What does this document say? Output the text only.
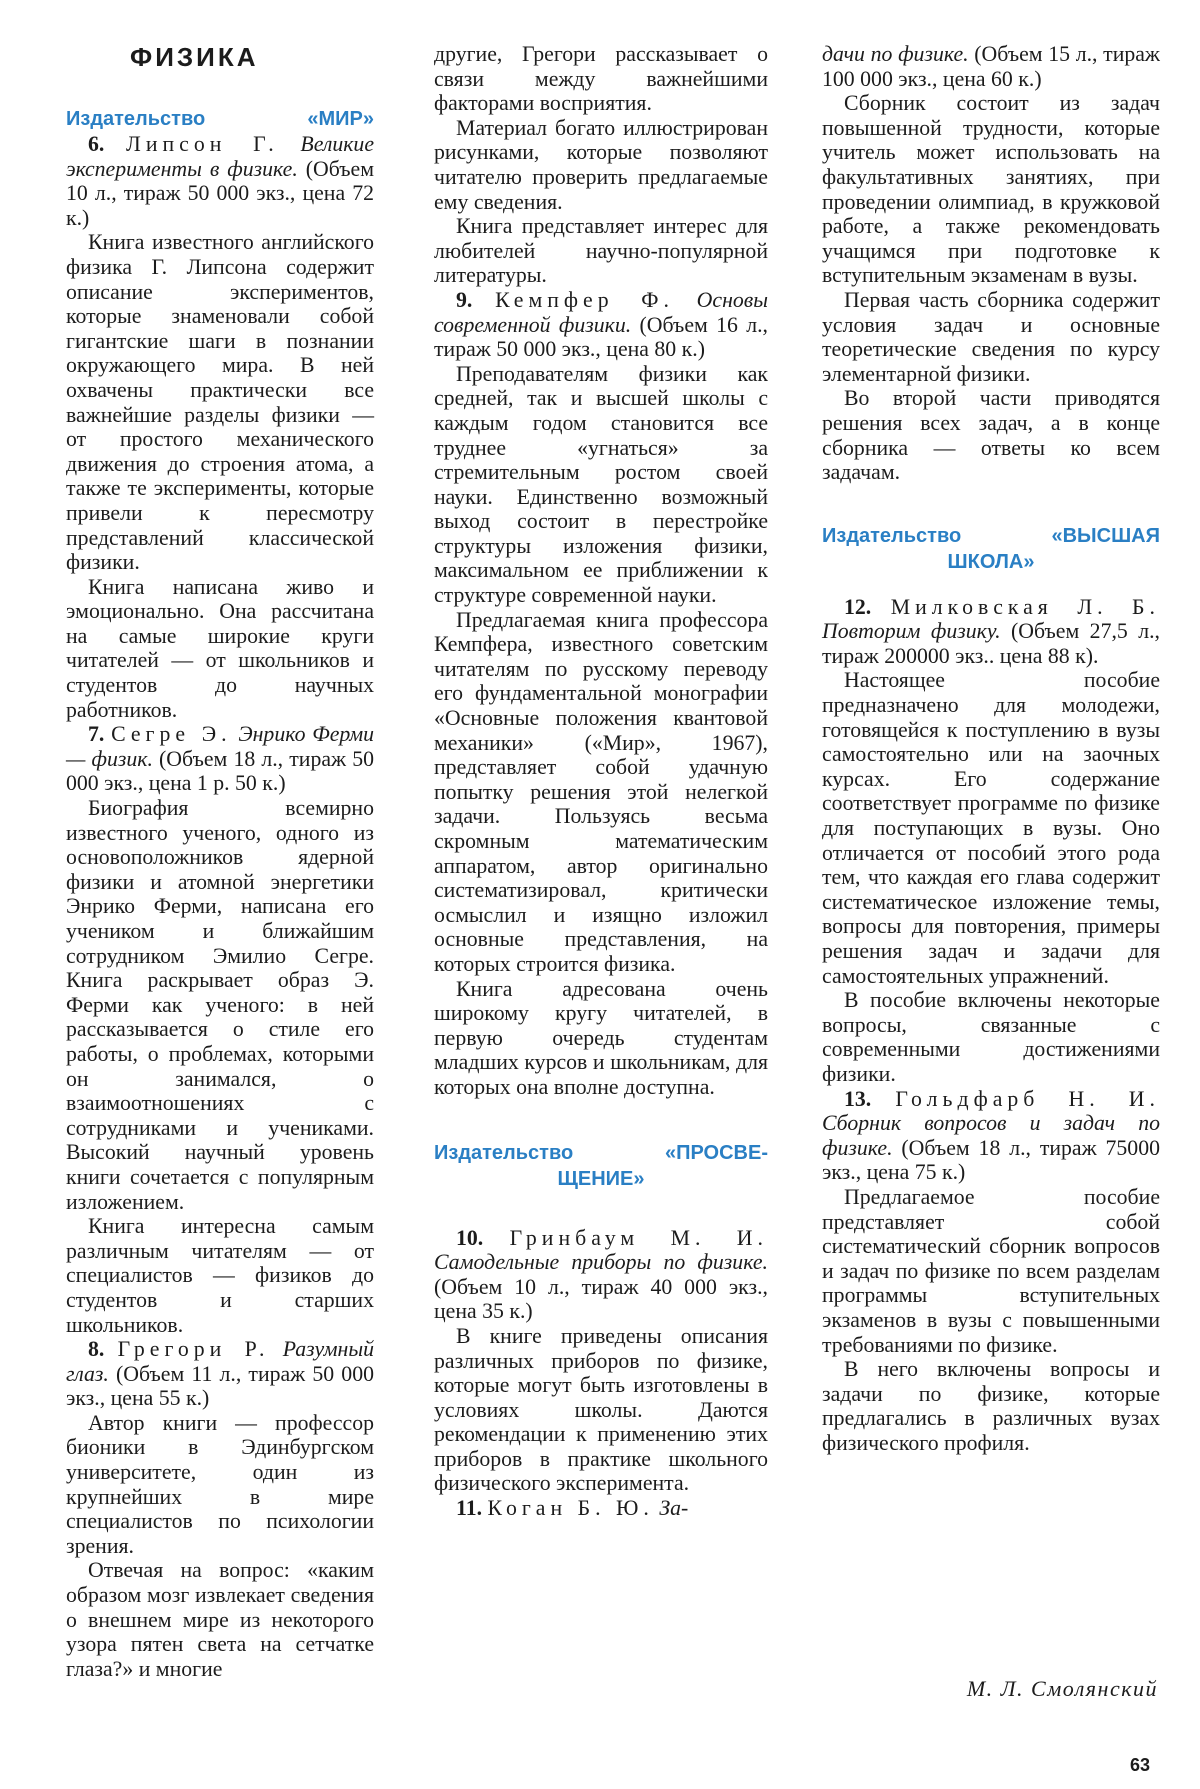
ФИЗИКА
Издательство «МИР»

6. Липсон Г. Великие эксперименты в физике. (Объем 10 л., тираж 50 000 экз., цена 72 к.)

Книга известного английского физика Г. Липсона содержит описание экспериментов, которые знаменовали собой гигантские шаги в познании окружающего мира. В ней охвачены практически все важнейшие разделы физики — от простого механического движения до строения атома, а также те эксперименты, которые привели к пересмотру представлений классической физики.

Книга написана живо и эмоционально. Она рассчитана на самые широкие круги читателей — от школьников и студентов до научных работников.

7. Сегре Э. Энрико Ферми — физик. (Объем 18 л., тираж 50 000 экз., цена 1 р. 50 к.)

Биография всемирно известного ученого, одного из основоположников ядерной физики и атомной энергетики Энрико Ферми, написана его учеником и ближайшим сотрудником Эмилио Сегре. Книга раскрывает образ Э. Ферми как ученого: в ней рассказывается о стиле его работы, о проблемах, которыми он занимался, о взаимоотношениях с сотрудниками и учениками. Высокий научный уровень книги сочетается с популярным изложением.

Книга интересна самым различным читателям — от специалистов — физиков до студентов и старших школьников.

8. Грегори Р. Разумный глаз. (Объем 11 л., тираж 50 000 экз., цена 55 к.)

Автор книги — профессор бионики в Эдинбургском университете, один из крупнейших в мире специалистов по психологии зрения.

Отвечая на вопрос: «каким образом мозг извлекает сведения о внешнем мире из некоторого узора пятен света на сетчатке глаза?» и многие

другие, Грегори рассказывает о связи между важнейшими факторами восприятия.

Материал богато иллюстрирован рисунками, которые позволяют читателю проверить предлагаемые ему сведения.

Книга представляет интерес для любителей научно-популярной литературы.

9. Кемпфер Ф. Основы современной физики. (Объем 16 л., тираж 50 000 экз., цена 80 к.)

Преподавателям физики как средней, так и высшей школы с каждым годом становится все труднее «угнаться» за стремительным ростом своей науки. Единственно возможный выход состоит в перестройке структуры изложения физики, максимальном ее приближении к структуре современной науки.

Предлагаемая книга профессора Кемпфера, известного советским читателям по русскому переводу его фундаментальной монографии «Основные положения квантовой механики» («Мир», 1967), представляет собой удачную попытку решения этой нелегкой задачи. Пользуясь весьма скромным математическим аппаратом, автор оригинально систематизировал, критически осмыслил и изящно изложил основные представления, на которых строится физика.

Книга адресована очень широкому кругу читателей, в первую очередь студентам младших курсов и школьникам, для которых она вполне доступна.

Издательство «ПРОСВЕ-
ЩЕНИЕ»

10. Гринбаум М. И. Самодельные приборы по физике. (Объем 10 л., тираж 40 000 экз., цена 35 к.)

В книге приведены описания различных приборов по физике, которые могут быть изготовлены в условиях школы. Даются рекомендации к применению этих приборов в практике школьного физического эксперимента.

11. Коган Б. Ю. За-

дачи по физике. (Объем 15 л., тираж 100 000 экз., цена 60 к.)

Сборник состоит из задач повышенной трудности, которые учитель может использовать на факультативных занятиях, при проведении олимпиад, в кружковой работе, а также рекомендовать учащимся при подготовке к вступительным экзаменам в вузы.

Первая часть сборника содержит условия задач и основные теоретические сведения по курсу элементарной физики.

Во второй части приводятся решения всех задач, а в конце сборника — ответы ко всем задачам.

Издательство «ВЫСШАЯ
ШКОЛА»

12. Милковская Л. Б. Повторим физику. (Объем 27,5 л., тираж 200000 экз.. цена 88 к).

Настоящее пособие предназначено для молодежи, готовящейся к поступлению в вузы самостоятельно или на заочных курсах. Его содержание соответствует программе по физике для поступающих в вузы. Оно отличается от пособий этого рода тем, что каждая его глава содержит систематическое изложение темы, вопросы для повторения, примеры решения задач и задачи для самостоятельных упражнений.

В пособие включены некоторые вопросы, связанные с современными достижениями физики.

13. Гольдфарб Н. И. Сборник вопросов и задач по физике. (Объем 18 л., тираж 75000 экз., цена 75 к.)

Предлагаемое пособие представляет собой систематический сборник вопросов и задач по физике по всем разделам программы вступительных экзаменов в вузы с повышенными требованиями по физике.

В него включены вопросы и задачи по физике, которые предлагались в различных вузах физического профиля.

М. Л. Смолянский

63
